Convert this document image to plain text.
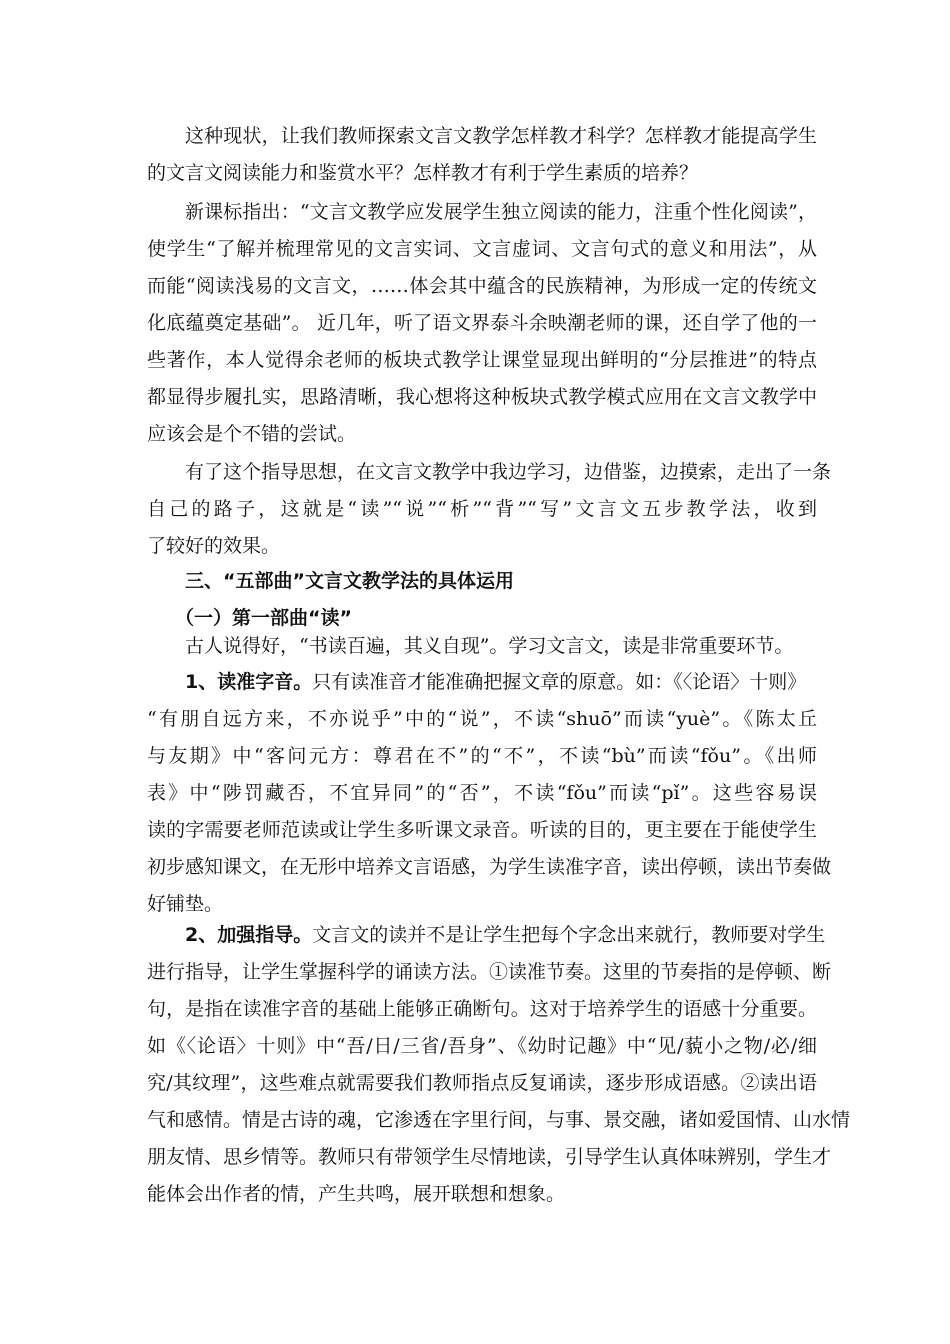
这种现状，让我们教师探索文言文教学怎样教才科学？怎样教才能提高学生
的文言文阅读能力和鉴赏水平？怎样教才有利于学生素质的培养？
新课标指出：“文言文教学应发展学生独立阅读的能力，注重个性化阅读”，
使学生“了解并梳理常见的文言实词、文言虚词、文言句式的意义和用法”，从
而能“阅读浅易的文言文，……体会其中蕴含的民族精神，为形成一定的传统文
化底蕴奠定基础”。 近几年，听了语文界泰斗余映潮老师的课，还自学了他的一
些著作，本人觉得余老师的板块式教学让课堂显现出鲜明的“分层推进”的特点
都显得步履扎实，思路清晰，我心想将这种板块式教学模式应用在文言文教学中
应该会是个不错的尝试。
有了这个指导思想，在文言文教学中我边学习，边借鉴，边摸索，走出了一条
自己的路子，这就是“读”“说”“析”“背”“写”文言文五步教学法，收到
了较好的效果。
三、“五部曲”文言文教学法的具体运用
（一）第一部曲“读”
古人说得好，“书读百遍，其义自现”。学习文言文，读是非常重要环节。
1、读准字音。只有读准音才能准确把握文章的原意。如：《〈论语〉十则》
“有朋自远方来，不亦说乎”中的“说”，不读“shuō”而读“yuè”。《陈太丘
与友期》中“客问元方：尊君在不”的“不”，不读“bù”而读“fǒu”。《出师
表》中“陟罚藏否，不宜异同”的“否”，不读“fǒu”而读“pǐ”。这些容易误
读的字需要老师范读或让学生多听课文录音。听读的目的，更主要在于能使学生
初步感知课文，在无形中培养文言语感，为学生读准字音，读出停顿，读出节奏做
好铺垫。
2、加强指导。文言文的读并不是让学生把每个字念出来就行，教师要对学生
进行指导，让学生掌握科学的诵读方法。①读准节奏。这里的节奏指的是停顿、断
句，是指在读准字音的基础上能够正确断句。这对于培养学生的语感十分重要。
如《〈论语〉十则》中“吾/日/三省/吾身”、《幼时记趣》中“见/藐小之物/必/细
究/其纹理”，这些难点就需要我们教师指点反复诵读，逐步形成语感。②读出语
气和感情。情是古诗的魂，它渗透在字里行间，与事、景交融，诸如爱国情、山水情
朋友情、思乡情等。教师只有带领学生尽情地读，引导学生认真体味辨别，学生才
能体会出作者的情，产生共鸣，展开联想和想象。
